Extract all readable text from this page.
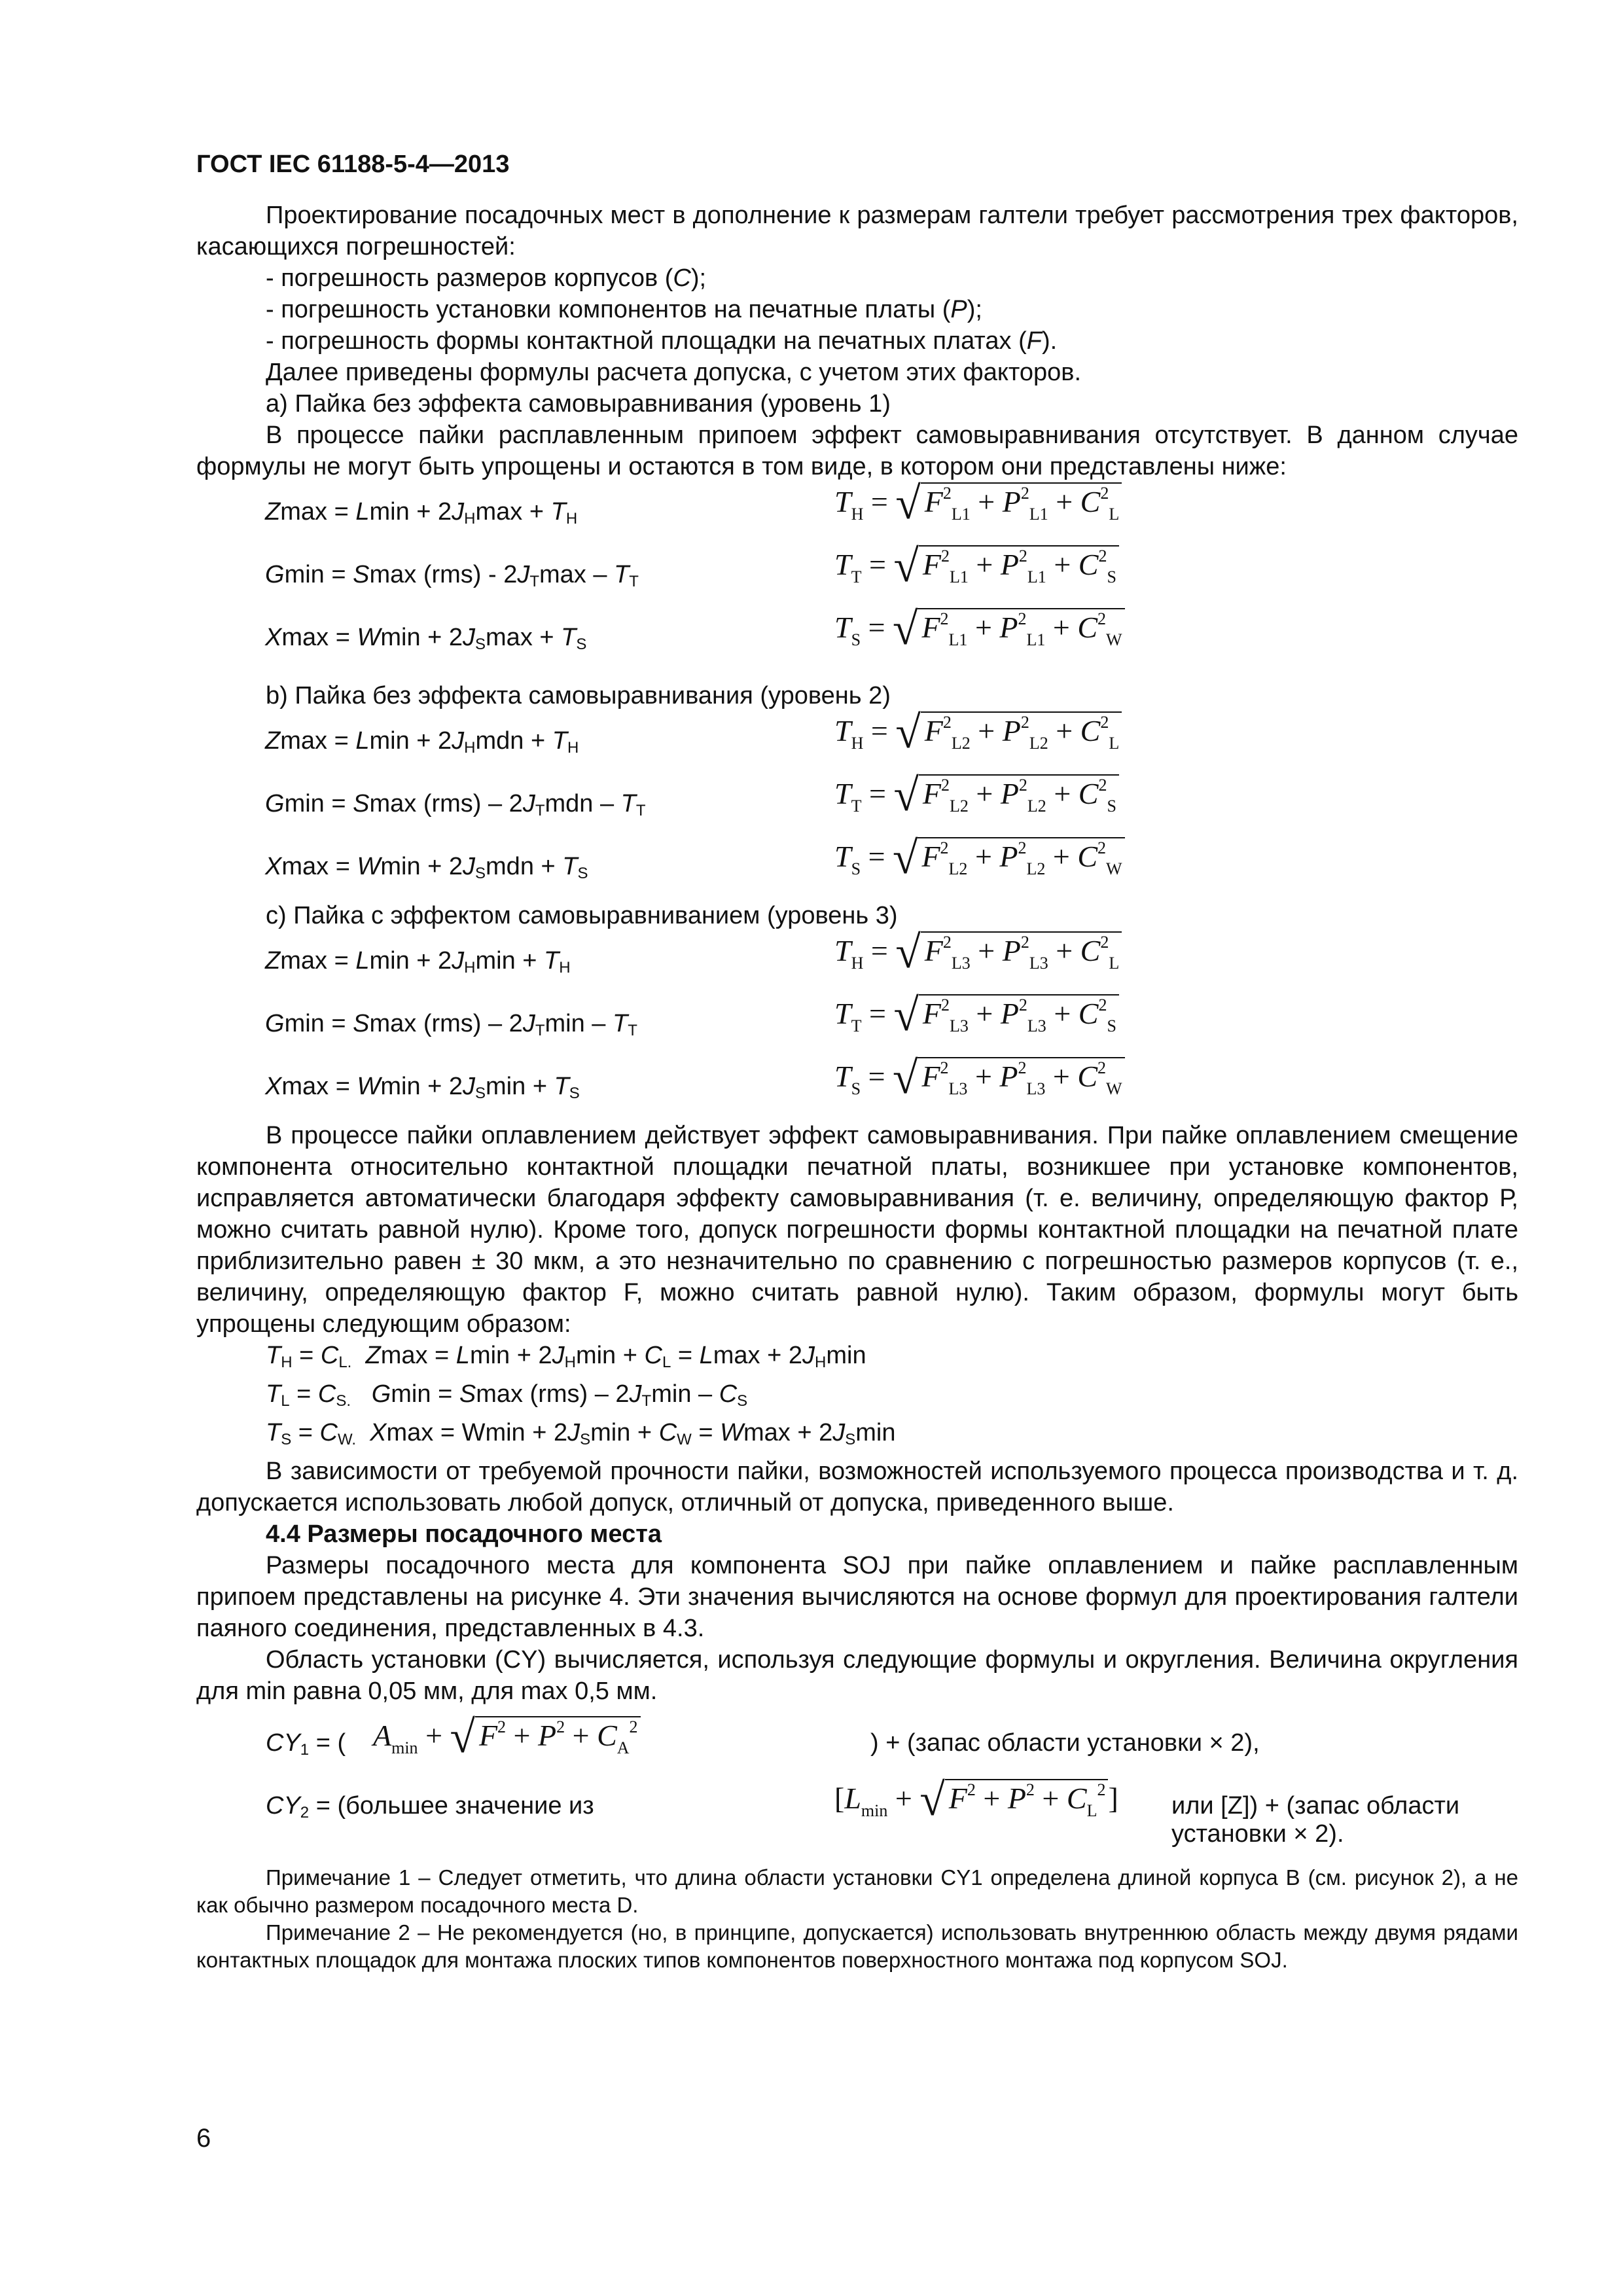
ГОСТ IEC 61188-5-4—2013

Проектирование посадочных мест в дополнение к размерам галтели требует рассмотрения трех факторов, касающихся погрешностей:

- погрешность размеров корпусов (C);

- погрешность установки компонентов на печатные платы (P);

- погрешность формы контактной площадки на печатных платах (F).

Далее приведены формулы расчета допуска, с учетом этих факторов.

а) Пайка без эффекта самовыравнивания (уровень 1)

В процессе пайки расплавленным припоем эффект самовыравнивания отсутствует. В данном случае формулы не могут быть упрощены и остаются в том виде, в котором они представлены ниже:

$Zmax = Lmin + 2J_H\max + T_H$
$T_H$ = √ $F^2_{L1} + P^2_{L1} + C^2_L$
Gmin = Smax $(rms) - 2J_T\max - T_T$
$T_T$ = √ $F^2_{L1} + P^2_{L1} + C^2_S$
$Xmax = Wmin + 2J_S\max + T_S$
$T_S$ = √ $F^2_{L1} + P^2_{L1} + C^2_W$

b) Пайка без эффекта самовыравнивания (уровень 2)

$Zmax = Lmin + 2J_Hmdn + T_H$
$T_H$ = √ $F^2_{L2} + P^2_{L2} + C^2_L$
Gmin = Smax $(rms) - 2J_Tmdn - T_T$
$T_T$ = √ $F^2_{L2} + P^2_{L2} + C^2_S$
$Xmax = Wmin + 2J_Smdn + T_S$
$T_S$ = √ $F^2_{L2} + P^2_{L2} + C^2_W$

c) Пайка с эффектом самовыравниванием (уровень 3)

$Zmax = Lmin + 2J_H\min + T_H$
$T_H$ = √ $F^2_{L3} + P^2_{L3} + C^2_L$
Gmin = Smax $(rms) - 2J_T\min - T_T$
$T_T$ = √ $F^2_{L3} + P^2_{L3} + C^2_S$
$Xmax = Wmin + 2J_S\min + T_S$
$T_S$ = √ $F^2_{L3} + P^2_{L3} + C^2_W$

В процессе пайки оплавлением действует эффект самовыравнивания. При пайке оплавлением смещение компонента относительно контактной площадки печатной платы, возникшее при установке компонентов, исправляется автоматически благодаря эффекту самовыравнивания (т. е. величину, определяющую фактор Р, можно считать равной нулю). Кроме того, допуск погрешности формы контактной площадки на печатной плате приблизительно равен ± 30 мкм, а это незначительно по сравнению с погрешностью размеров корпусов (т. е., величину, определяющую фактор F, можно считать равной нулю). Таким образом, формулы могут быть упрощены следующим образом:

$T_H = C_{L.}$ $Zmax = Lmin + 2J_H\min + C_L = Lmax + 2J_H\min$
$T_L = C_{S.}$ Gmin = Smax $(rms) - 2J_T\min - C_S$
$T_S = C_{W.}$ $Xmax = Wmin + 2J_S\min + C_W = Wmax + 2J_S\min$

В зависимости от требуемой прочности пайки, возможностей используемого процесса производства и т. д. допускается использовать любой допуск, отличный от допуска, приведенного выше.

4.4 Размеры посадочного места

Размеры посадочного места для компонента SOJ при пайке оплавлением и пайке расплавленным припоем представлены на рисунке 4. Эти значения вычисляются на основе формул для проектирования галтели паяного соединения, представленных в 4.3.

Область установки (CY) вычисляется, используя следующие формулы и округления. Величина округления для min равна 0,05 мм, для max 0,5 мм.

$CY_1$ = ( $A_{min}$ + √ $F^2 + P^2 + C_A^2$
) + (запас области установки × 2),
$CY_2$ = (большее значение из	[$L_{min}$ + √ $F^2 + P^2 + C_L^2$] или [Z]) + (запас области установки × 2).

Примечание 1 – Следует отметить, что длина области установки CY1 определена длиной корпуса B (см. рисунок 2), а не как обычно размером посадочного места D.

Примечание 2 – Не рекомендуется (но, в принципе, допускается) использовать внутреннюю область между двумя рядами контактных площадок для монтажа плоских типов компонентов поверхностного монтажа под корпусом SOJ.

6
